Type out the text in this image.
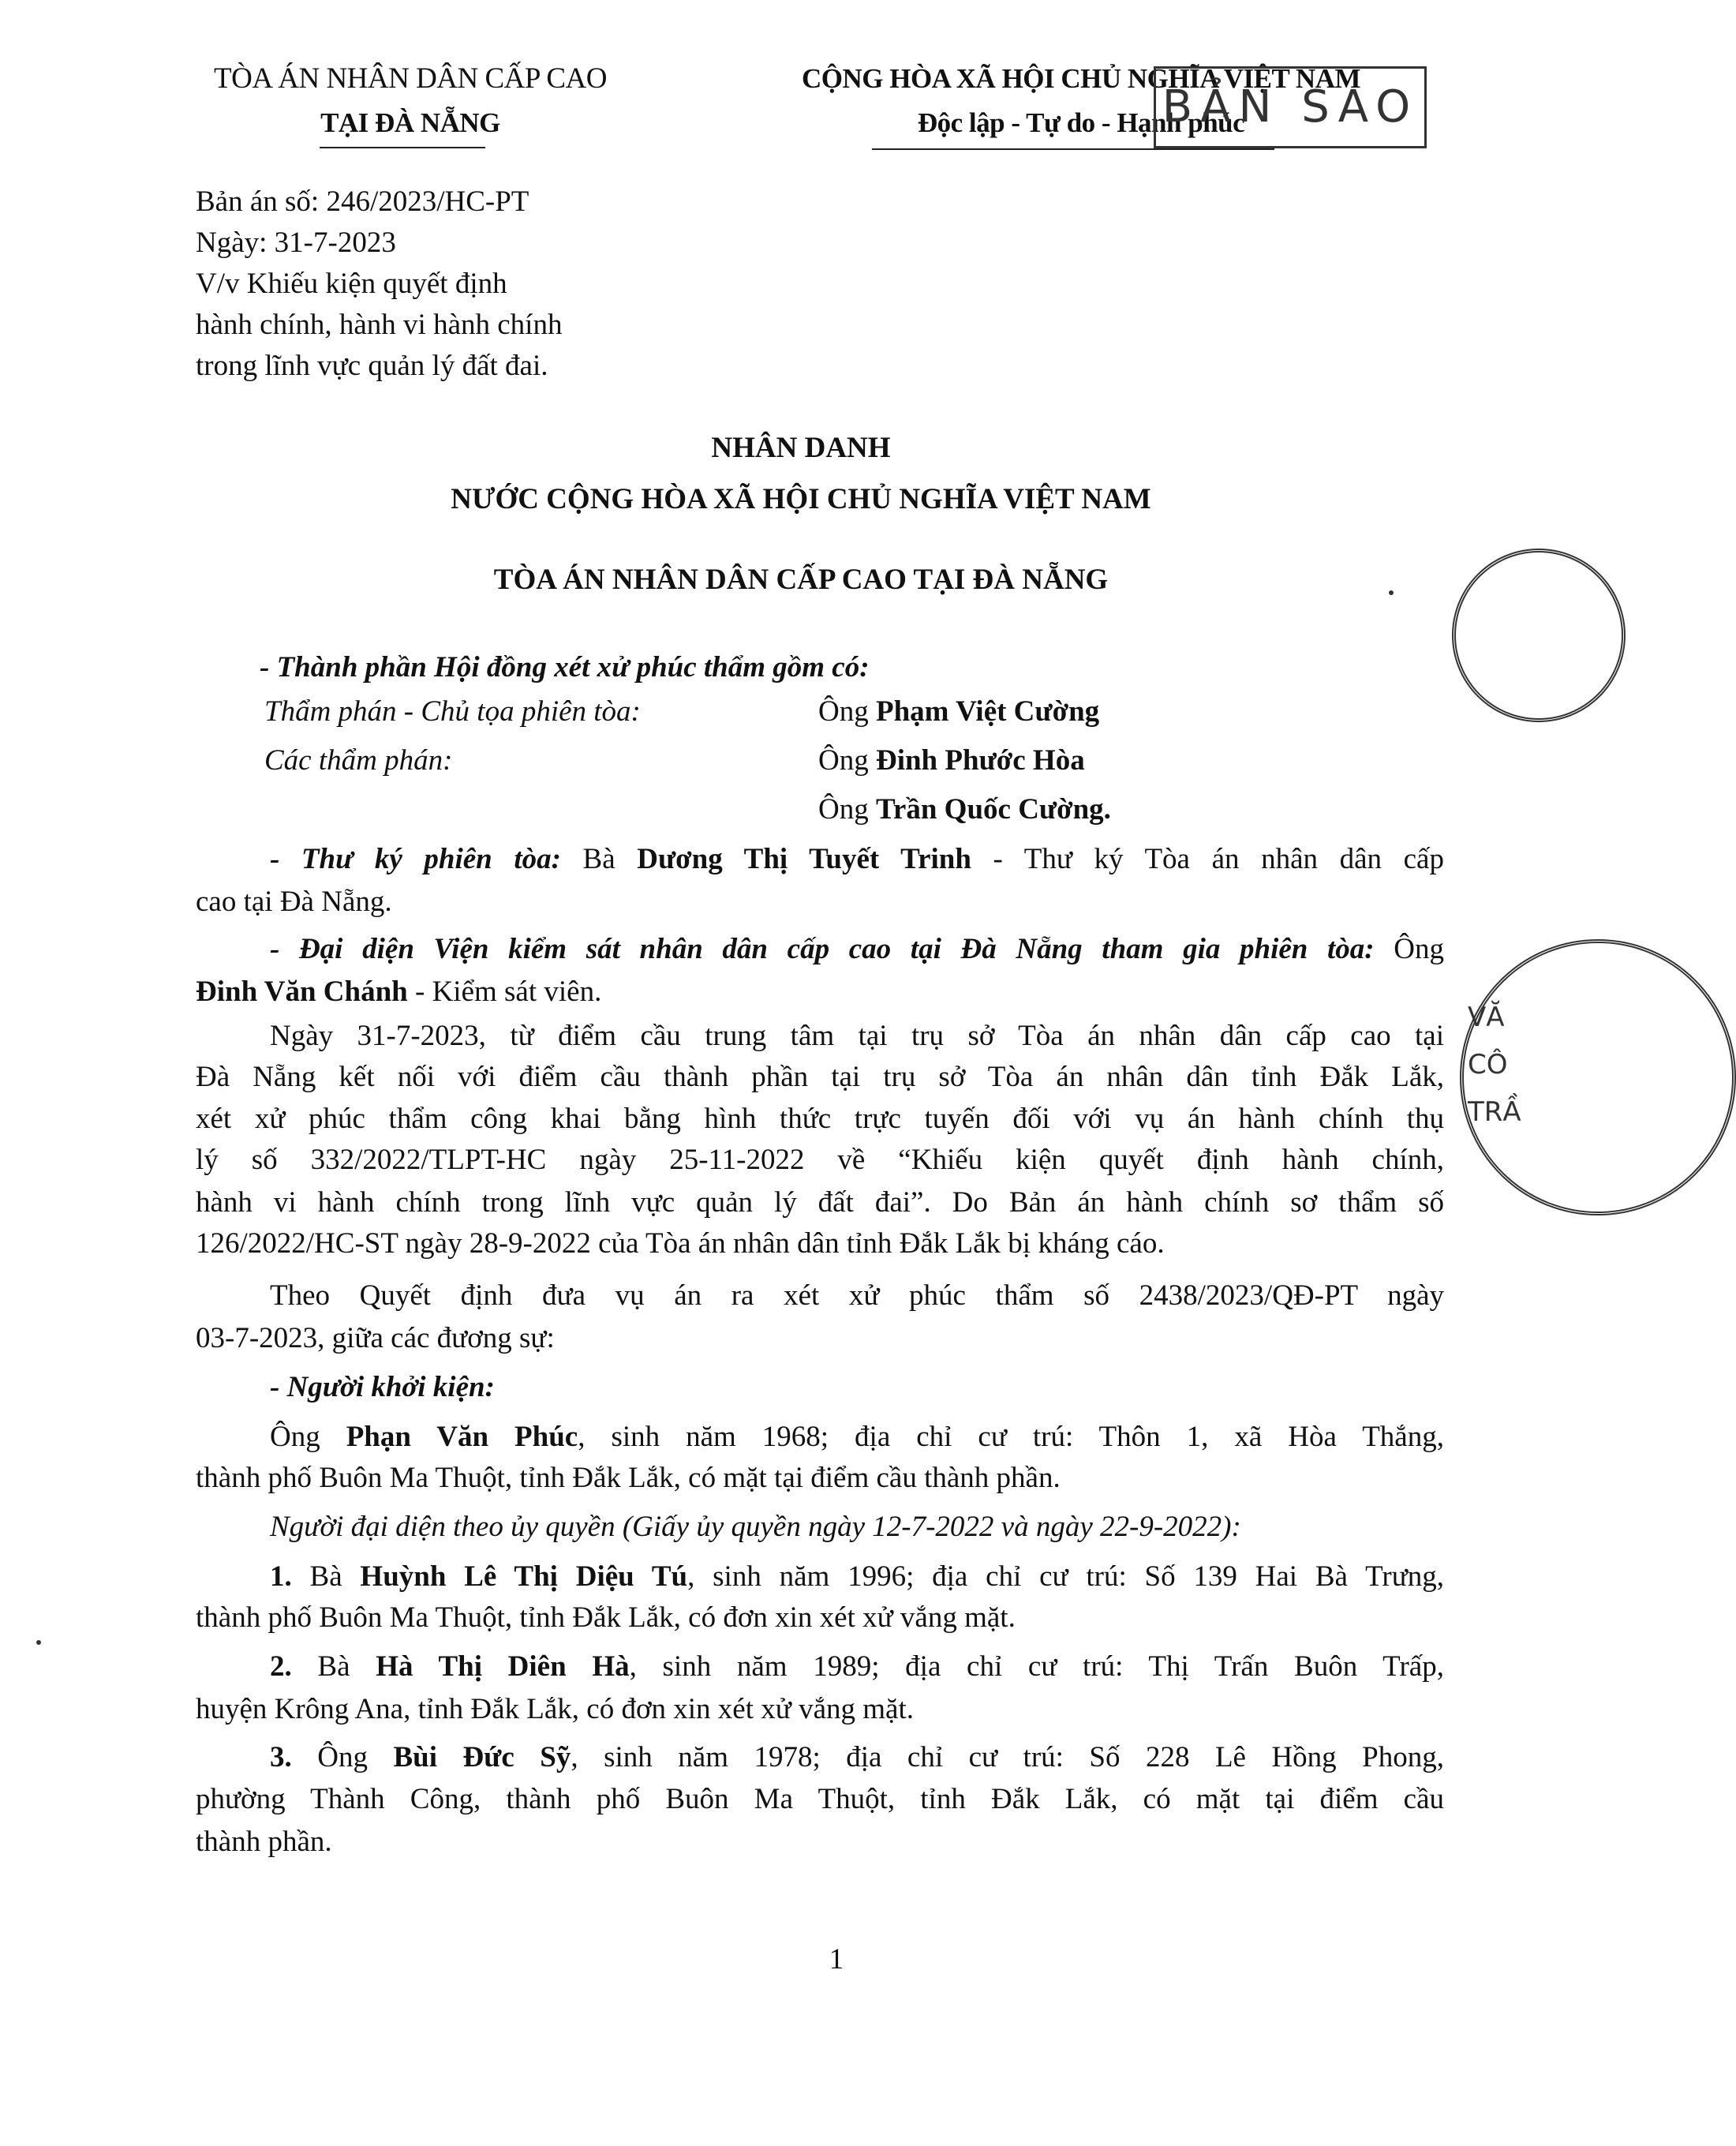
TÒA ÁN NHÂN DÂN CẤP CAO
TẠI ĐÀ NẴNG
CỘNG HÒA XÃ HỘI CHỦ NGHĨA VIỆT NAM
Độc lập - Tự do - Hạnh phúc
BẢN SAO
Bản án số: 246/2023/HC-PT
Ngày: 31-7-2023
V/v Khiếu kiện quyết định
hành chính, hành vi hành chính
trong lĩnh vực quản lý đất đai.
NHÂN DANH
NƯỚC CỘNG HÒA XÃ HỘI CHỦ NGHĨA VIỆT NAM
TÒA ÁN NHÂN DÂN CẤP CAO TẠI ĐÀ NẴNG
- Thành phần Hội đồng xét xử phúc thẩm gồm có:
Thẩm phán - Chủ tọa phiên tòa:	Ông Phạm Việt Cường
Các thẩm phán:	Ông Đinh Phước Hòa
Ông Trần Quốc Cường.
- Thư ký phiên tòa: Bà Dương Thị Tuyết Trinh - Thư ký Tòa án nhân dân cấp
cao tại Đà Nẵng.
- Đại diện Viện kiểm sát nhân dân cấp cao tại Đà Nẵng tham gia phiên tòa: Ông
Đinh Văn Chánh - Kiểm sát viên.
Ngày 31-7-2023, từ điểm cầu trung tâm tại trụ sở Tòa án nhân dân cấp cao tại
Đà Nẵng kết nối với điểm cầu thành phần tại trụ sở Tòa án nhân dân tỉnh Đắk Lắk,
xét xử phúc thẩm công khai bằng hình thức trực tuyến đối với vụ án hành chính thụ
lý số 332/2022/TLPT-HC ngày 25-11-2022 về “Khiếu kiện quyết định hành chính,
hành vi hành chính trong lĩnh vực quản lý đất đai”. Do Bản án hành chính sơ thẩm số
126/2022/HC-ST ngày 28-9-2022 của Tòa án nhân dân tỉnh Đắk Lắk bị kháng cáo.
VĂ
CÔ
TRẦ
Theo Quyết định đưa vụ án ra xét xử phúc thẩm số 2438/2023/QĐ-PT ngày
03-7-2023, giữa các đương sự:
- Người khởi kiện:
Ông Phạn Văn Phúc, sinh năm 1968; địa chỉ cư trú: Thôn 1, xã Hòa Thắng,
thành phố Buôn Ma Thuột, tỉnh Đắk Lắk, có mặt tại điểm cầu thành phần.
Người đại diện theo ủy quyền (Giấy ủy quyền ngày 12-7-2022 và ngày 22-9-2022):
1. Bà Huỳnh Lê Thị Diệu Tú, sinh năm 1996; địa chỉ cư trú: Số 139 Hai Bà Trưng,
thành phố Buôn Ma Thuột, tỉnh Đắk Lắk, có đơn xin xét xử vắng mặt.
2. Bà Hà Thị Diên Hà, sinh năm 1989; địa chỉ cư trú: Thị Trấn Buôn Trấp,
huyện Krông Ana, tỉnh Đắk Lắk, có đơn xin xét xử vắng mặt.
3. Ông Bùi Đức Sỹ, sinh năm 1978; địa chỉ cư trú: Số 228 Lê Hồng Phong,
phường Thành Công, thành phố Buôn Ma Thuột, tỉnh Đắk Lắk, có mặt tại điểm cầu
thành phần.
1
